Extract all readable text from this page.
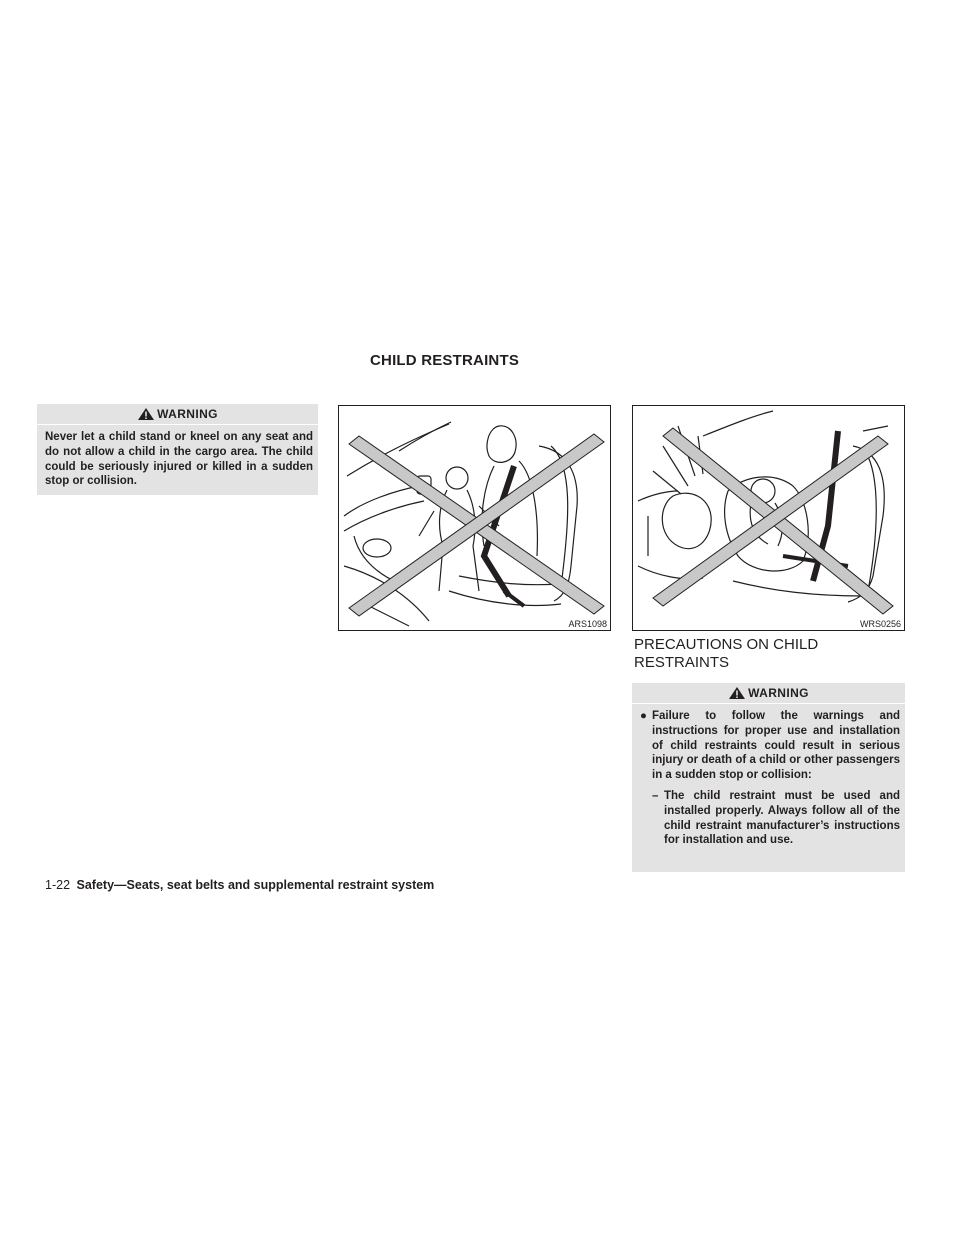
CHILD RESTRAINTS
WARNING
Never let a child stand or kneel on any seat and do not allow a child in the cargo area. The child could be seriously injured or killed in a sudden stop or collision.
ARS1098	WRS0256
PRECAUTIONS ON CHILD RESTRAINTS
WARNING
● Failure to follow the warnings and instructions for proper use and installation of child restraints could result in serious injury or death of a child or other passengers in a sudden stop or collision:
– The child restraint must be used and installed properly. Always follow all of the child restraint manufacturer’s instructions for installation and use.
1-22 Safety—Seats, seat belts and supplemental restraint system
